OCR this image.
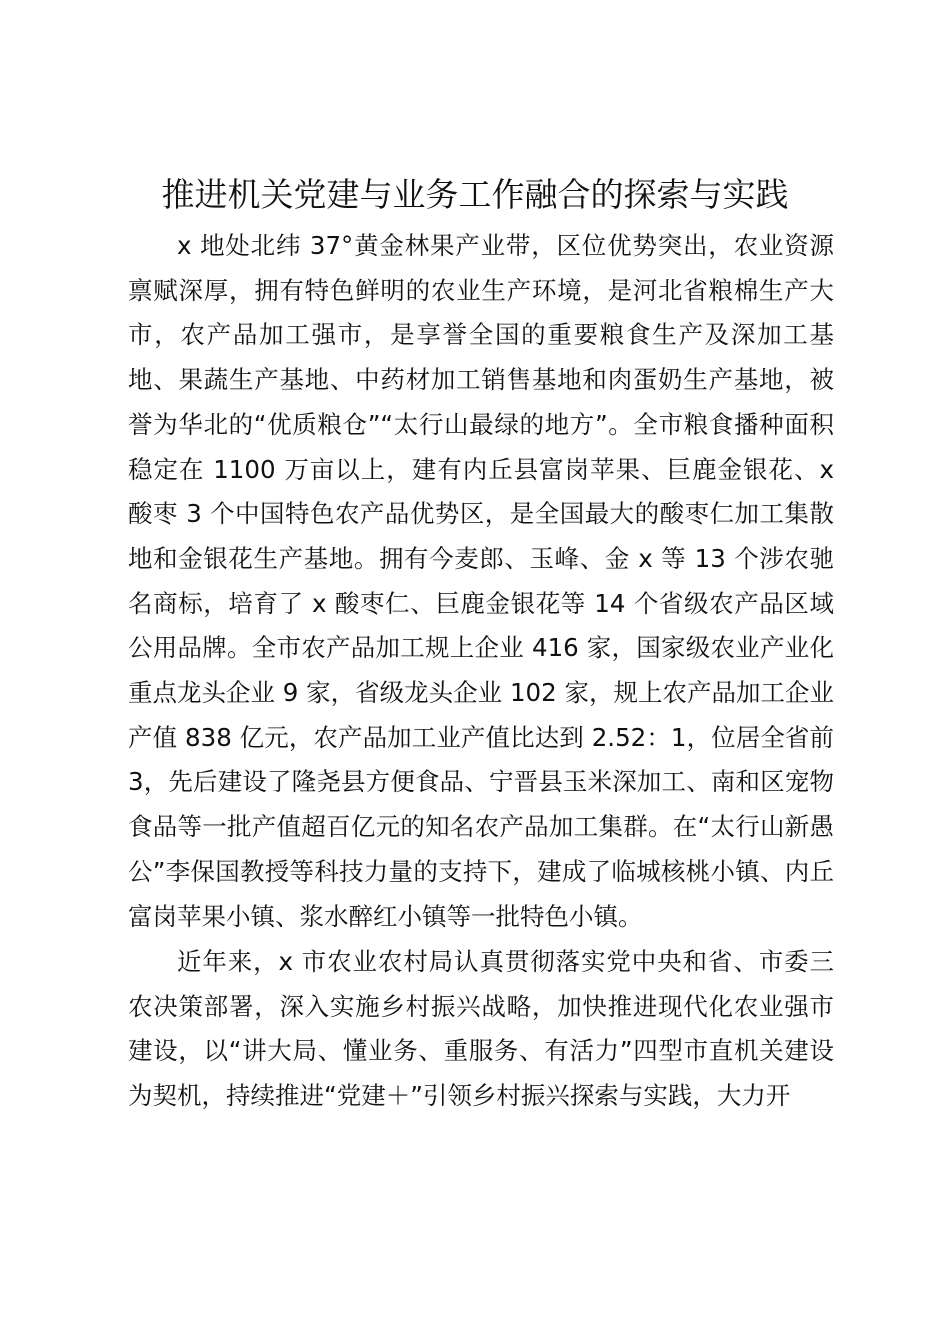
推进机关党建与业务工作融合的探索与实践

x 地处北纬 37°黄金林果产业带，区位优势突出，农业资源禀赋深厚，拥有特色鲜明的农业生产环境，是河北省粮棉生产大市，农产品加工强市，是享誉全国的重要粮食生产及深加工基地、果蔬生产基地、中药材加工销售基地和肉蛋奶生产基地，被誉为华北的“优质粮仓”“太行山最绿的地方”。全市粮食播种面积稳定在 1100 万亩以上，建有内丘县富岗苹果、巨鹿金银花、x 酸枣 3 个中国特色农产品优势区，是全国最大的酸枣仁加工集散地和金银花生产基地。拥有今麦郎、玉峰、金 x 等 13 个涉农驰名商标，培育了 x 酸枣仁、巨鹿金银花等 14 个省级农产品区域公用品牌。全市农产品加工规上企业 416 家，国家级农业产业化重点龙头企业 9 家，省级龙头企业 102 家，规上农产品加工企业产值 838 亿元，农产品加工业产值比达到 2.52：1，位居全省前 3，先后建设了隆尧县方便食品、宁晋县玉米深加工、南和区宠物食品等一批产值超百亿元的知名农产品加工集群。在“太行山新愚公”李保国教授等科技力量的支持下，建成了临城核桃小镇、内丘富岗苹果小镇、浆水醉红小镇等一批特色小镇。

近年来，x 市农业农村局认真贯彻落实党中央和省、市委三农决策部署，深入实施乡村振兴战略，加快推进现代化农业强市建设，以“讲大局、懂业务、重服务、有活力”四型市直机关建设为契机，持续推进“党建＋”引领乡村振兴探索与实践，大力开
